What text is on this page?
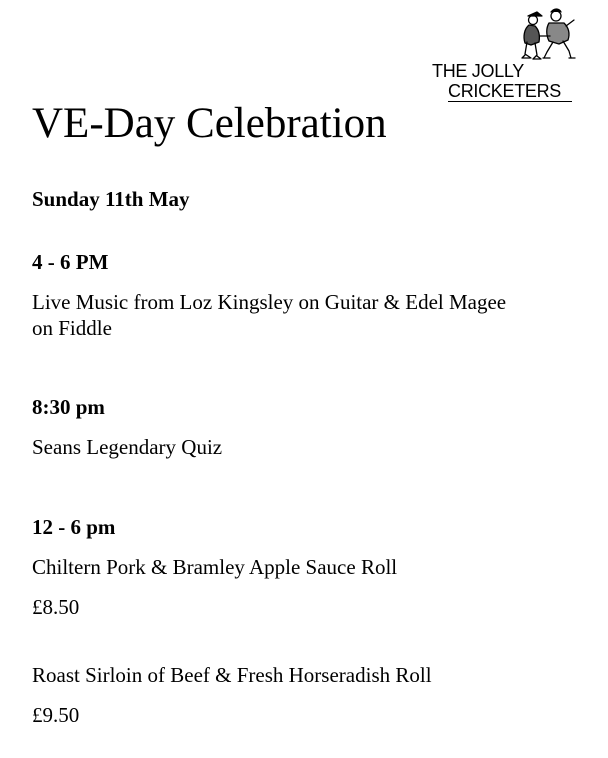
THE JOLLY
CRICKETERS
VE-Day Celebration
Sunday 11th May
4 - 6 PM
Live Music from Loz Kingsley on Guitar & Edel Magee
on Fiddle
8:30 pm
Seans Legendary Quiz
12 - 6 pm
Chiltern Pork & Bramley Apple Sauce Roll
£8.50
Roast Sirloin of Beef & Fresh Horseradish Roll
£9.50
